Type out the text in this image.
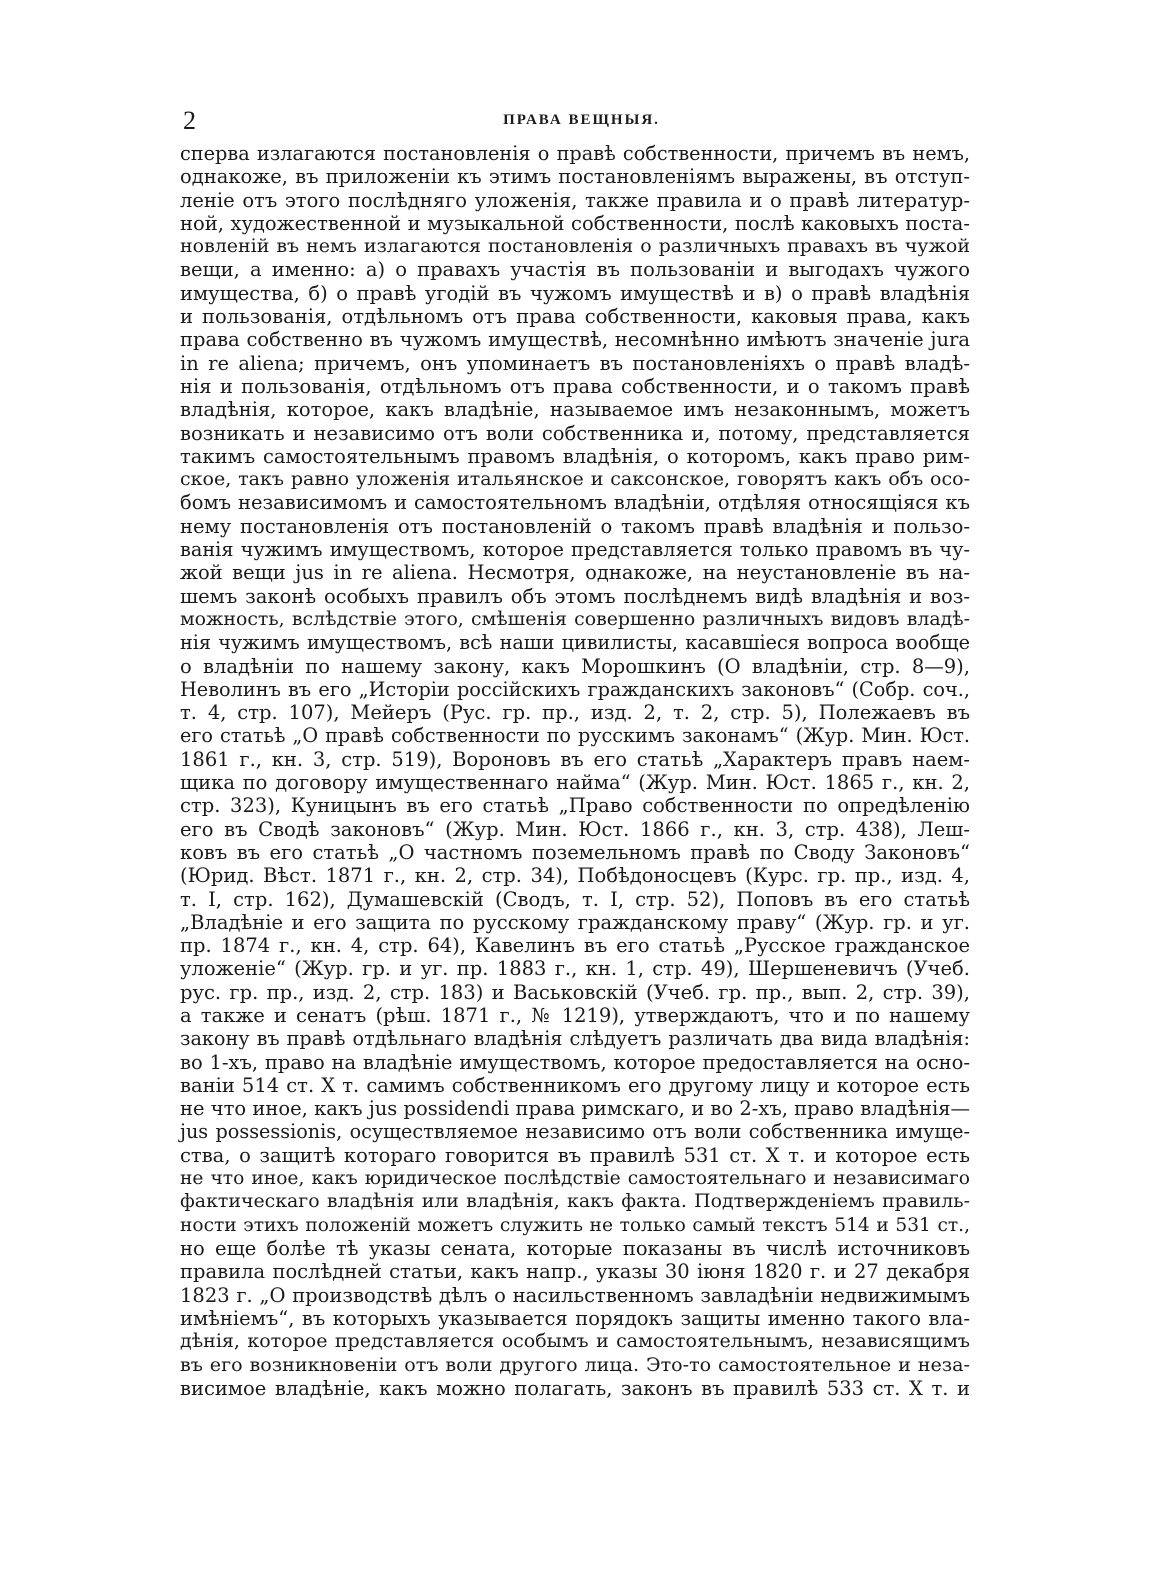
2	ПРАВА ВЕЩНЫЯ.
сперва излагаются постановленія о правѣ собственности, причемъ въ немъ,
однакоже, въ приложеніи къ этимъ постановленіямъ выражены, въ отступ-
леніе отъ этого послѣдняго уложенія, также правила и о правѣ литератур-
ной, художественной и музыкальной собственности, послѣ каковыхъ поста-
новленій въ немъ излагаются постановленія о различныхъ правахъ въ чужой
вещи, а именно: а) о правахъ участія въ пользованіи и выгодахъ чужого
имущества, б) о правѣ угодій въ чужомъ имуществѣ и в) о правѣ владѣнія
и пользованія, отдѣльномъ отъ права собственности, каковыя права, какъ
права собственно въ чужомъ имуществѣ, несомнѣнно имѣютъ значеніе jura
in re aliena; причемъ, онъ упоминаетъ въ постановленіяхъ о правѣ владѣ-
нія и пользованія, отдѣльномъ отъ права собственности, и о такомъ правѣ
владѣнія, которое, какъ владѣніе, называемое имъ незаконнымъ, можетъ
возникать и независимо отъ воли собственника и, потому, представляется
такимъ самостоятельнымъ правомъ владѣнія, о которомъ, какъ право рим-
ское, такъ равно уложенія итальянское и саксонское, говорятъ какъ объ осо-
бомъ независимомъ и самостоятельномъ владѣніи, отдѣляя относящіяся къ
нему постановленія отъ постановленій о такомъ правѣ владѣнія и пользо-
ванія чужимъ имуществомъ, которое представляется только правомъ въ чу-
жой вещи jus in re aliena. Несмотря, однакоже, на неустановленіе въ на-
шемъ законѣ особыхъ правилъ объ этомъ послѣднемъ видѣ владѣнія и воз-
можность, вслѣдствіе этого, смѣшенія совершенно различныхъ видовъ владѣ-
нія чужимъ имуществомъ, всѣ наши цивилисты, касавшіеся вопроса вообще
о владѣніи по нашему закону, какъ Морошкинъ (О владѣніи, стр. 8—9),
Неволинъ въ его „Исторіи россійскихъ гражданскихъ законовъ“ (Собр. соч.,
т. 4, стр. 107), Мейеръ (Рус. гр. пр., изд. 2, т. 2, стр. 5), Полежаевъ въ
его статьѣ „О правѣ собственности по русскимъ законамъ“ (Жур. Мин. Юст.
1861 г., кн. 3, стр. 519), Вороновъ въ его статьѣ „Характеръ правъ наем-
щика по договору имущественнаго найма“ (Жур. Мин. Юст. 1865 г., кн. 2,
стр. 323), Куницынъ въ его статьѣ „Право собственности по опредѣленію
его въ Сводѣ законовъ“ (Жур. Мин. Юст. 1866 г., кн. 3, стр. 438), Леш-
ковъ въ его статьѣ „О частномъ поземельномъ правѣ по Своду Законовъ“
(Юрид. Вѣст. 1871 г., кн. 2, стр. 34), Побѣдоносцевъ (Курс. гр. пр., изд. 4,
т. I, стр. 162), Думашевскій (Сводъ, т. I, стр. 52), Поповъ въ его статьѣ
„Владѣніе и его защита по русскому гражданскому праву“ (Жур. гр. и уг.
пр. 1874 г., кн. 4, стр. 64), Кавелинъ въ его статьѣ „Русское гражданское
уложеніе“ (Жур. гр. и уг. пр. 1883 г., кн. 1, стр. 49), Шершеневичъ (Учеб.
рус. гр. пр., изд. 2, стр. 183) и Васьковскій (Учеб. гр. пр., вып. 2, стр. 39),
а также и сенатъ (рѣш. 1871 г., № 1219), утверждаютъ, что и по нашему
закону въ правѣ отдѣльнаго владѣнія слѣдуетъ различать два вида владѣнія:
во 1-хъ, право на владѣніе имуществомъ, которое предоставляется на осно-
ваніи 514 ст. X т. самимъ собственникомъ его другому лицу и которое есть
не что иное, какъ jus possidendi права римскаго, и во 2-хъ, право владѣнія—
jus possessionis, осуществляемое независимо отъ воли собственника имуще-
ства, о защитѣ котораго говорится въ правилѣ 531 ст. X т. и которое есть
не что иное, какъ юридическое послѣдствіе самостоятельнаго и независимаго
фактическаго владѣнія или владѣнія, какъ факта. Подтвержденіемъ правиль-
ности этихъ положеній можетъ служить не только самый текстъ 514 и 531 ст.,
но еще болѣе тѣ указы сената, которые показаны въ числѣ источниковъ
правила послѣдней статьи, какъ напр., указы 30 іюня 1820 г. и 27 декабря
1823 г. „О производствѣ дѣлъ о насильственномъ завладѣніи недвижимымъ
имѣніемъ“, въ которыхъ указывается порядокъ защиты именно такого вла-
дѣнія, которое представляется особымъ и самостоятельнымъ, независящимъ
въ его возникновеніи отъ воли другого лица. Это-то самостоятельное и неза-
висимое владѣніе, какъ можно полагать, законъ въ правилѣ 533 ст. X т. и
